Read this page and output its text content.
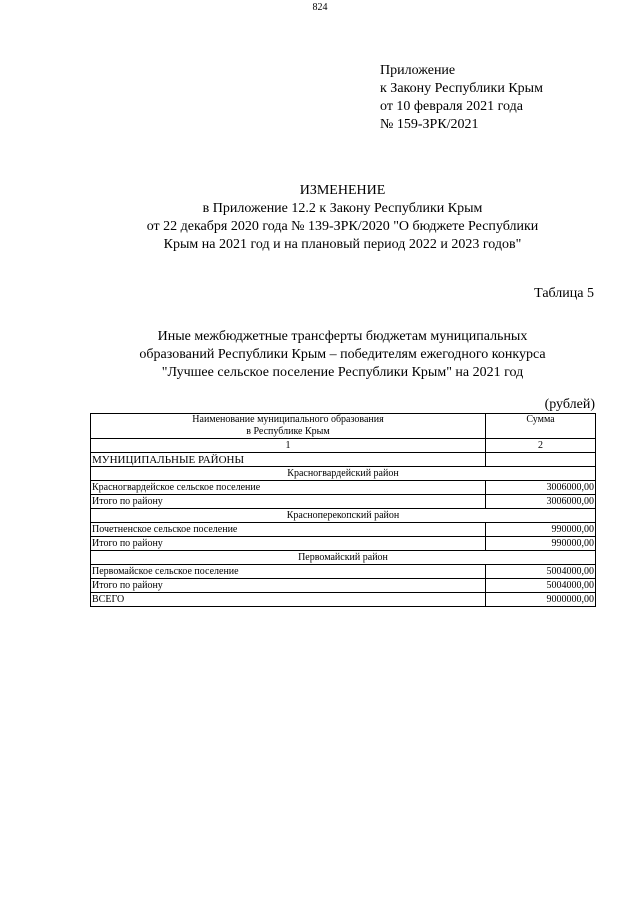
824
Приложение
к Закону Республики Крым
от 10 февраля 2021 года
№ 159-ЗРК/2021
ИЗМЕНЕНИЕ
в Приложение 12.2 к Закону Республики Крым
от 22 декабря 2020 года № 139-ЗРК/2020 "О бюджете Республики
Крым на 2021 год и на плановый период 2022 и 2023 годов"
Таблица 5
Иные межбюджетные трансферты бюджетам муниципальных
образований Республики Крым – победителям ежегодного конкурса
"Лучшее сельское поселение Республики Крым" на 2021 год
(рублей)
Наименование муниципального образования
в Республике Крым	Сумма
1	2
МУНИЦИПАЛЬНЫЕ РАЙОНЫ	
Красногвардейский район	
Красногвардейское сельское поселение	3006000,00
Итого по району	3006000,00
Красноперекопский район	
Почетненское сельское поселение	990000,00
Итого по району	990000,00
Первомайский район	
Первомайское сельское поселение	5004000,00
Итого по району	5004000,00
ВСЕГО	9000000,00
